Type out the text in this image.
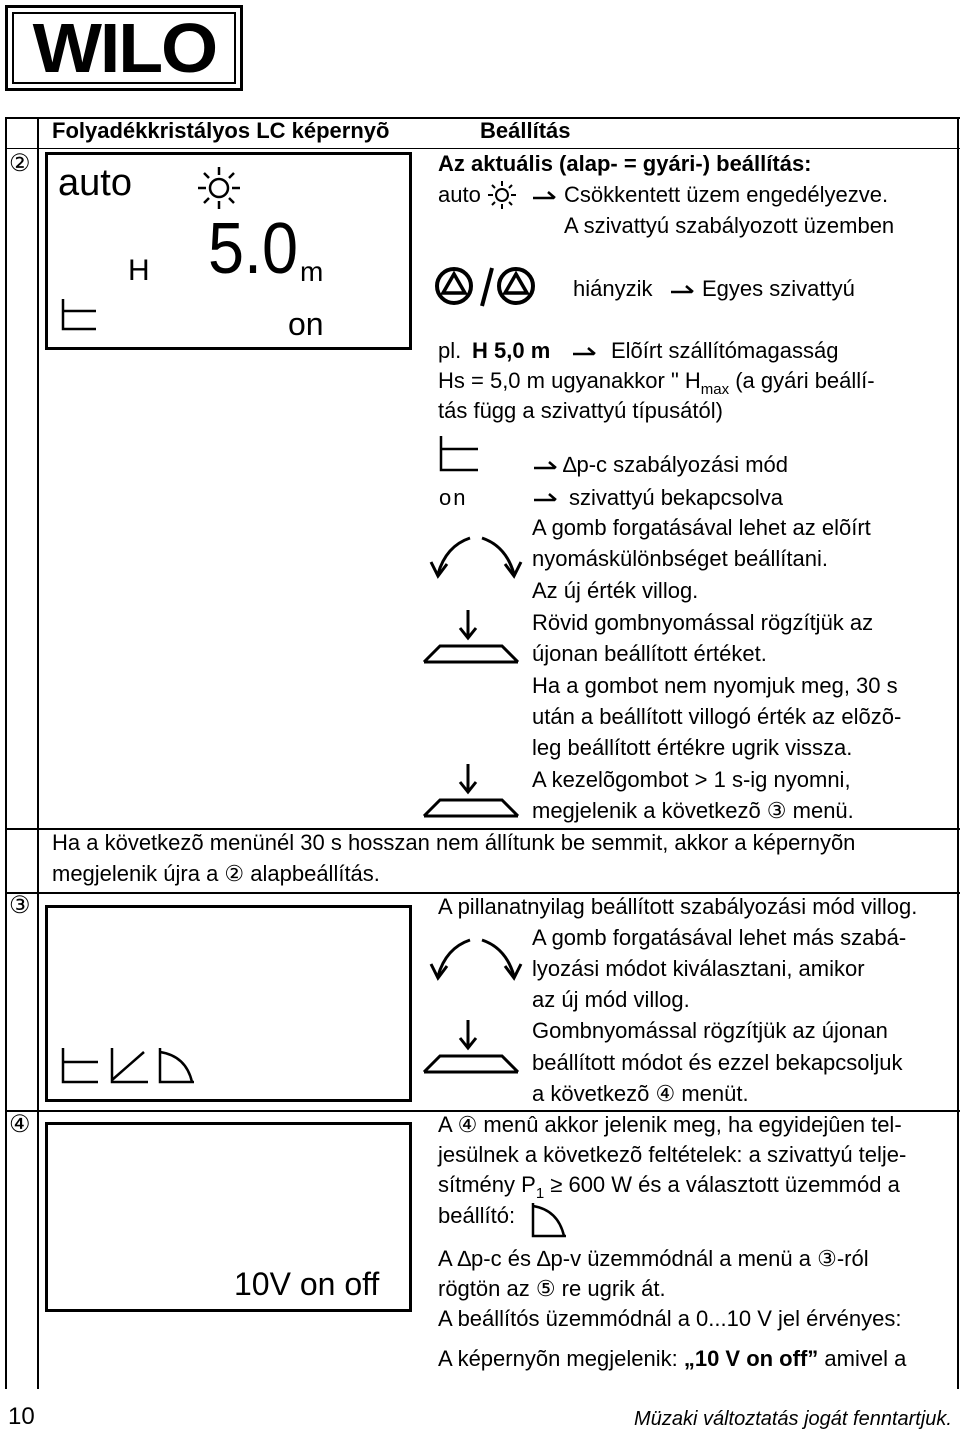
WILO
Folyadékkristályos LC képernyõ	Beállítás
② auto
H 5.0 m
on
Az aktuális (alap- = gyári-) beállítás:
auto	Csökkentett üzem engedélyezve.
A szivattyú szabályozott üzemben
hiányzik Egyes szivattyú
pl. H 5,0 m	Elõírt szállítómagasság
Hs = 5,0 m ugyanakkor " $H_{max}$ (a gyári beállí-
tás függ a szivattyú típusától)
∆p-c szabályozási mód
on	szivattyú bekapcsolva
A gomb forgatásával lehet az elõírt
nyomáskülönbséget beállítani.
Az új érték villog.
Rövid gombnyomással rögzítjük az
újonan beállított értéket.
Ha a gombot nem nyomjuk meg, 30 s
után a beállított villogó érték az elõzõ-
leg beállított értékre ugrik vissza.
A kezelõgombot > 1 s-ig nyomni,
megjelenik a következõ ③ menü.
Ha a következõ menünél 30 s hosszan nem állítunk be semmit, akkor a képernyõn
megjelenik újra a ② alapbeállítás.
③	A pillanatnyilag beállított szabályozási mód villog.
A gomb forgatásával lehet más szabá-
lyozási módot kiválasztani, amikor
az új mód villog.
Gombnyomással rögzítjük az újonan
beállított módot és ezzel bekapcsoljuk
a következõ ④ menüt.
④
10V on off
A ④ menû akkor jelenik meg, ha egyidejûen tel-
jesülnek a következõ feltételek: a szivattyú telje-
sítmény $P_1 \ge 600$ W és a választott üzemmód a
beállító:
A ∆p-c és ∆p-v üzemmódnál a menü a ③-ról
rögtön az ⑤ re ugrik át.
A beállítós üzemmódnál a 0...10 V jel érvényes:
A képernyõn megjelenik: „10 V on off” amivel a
10	Müzaki változtatás jogát fenntartjuk.
